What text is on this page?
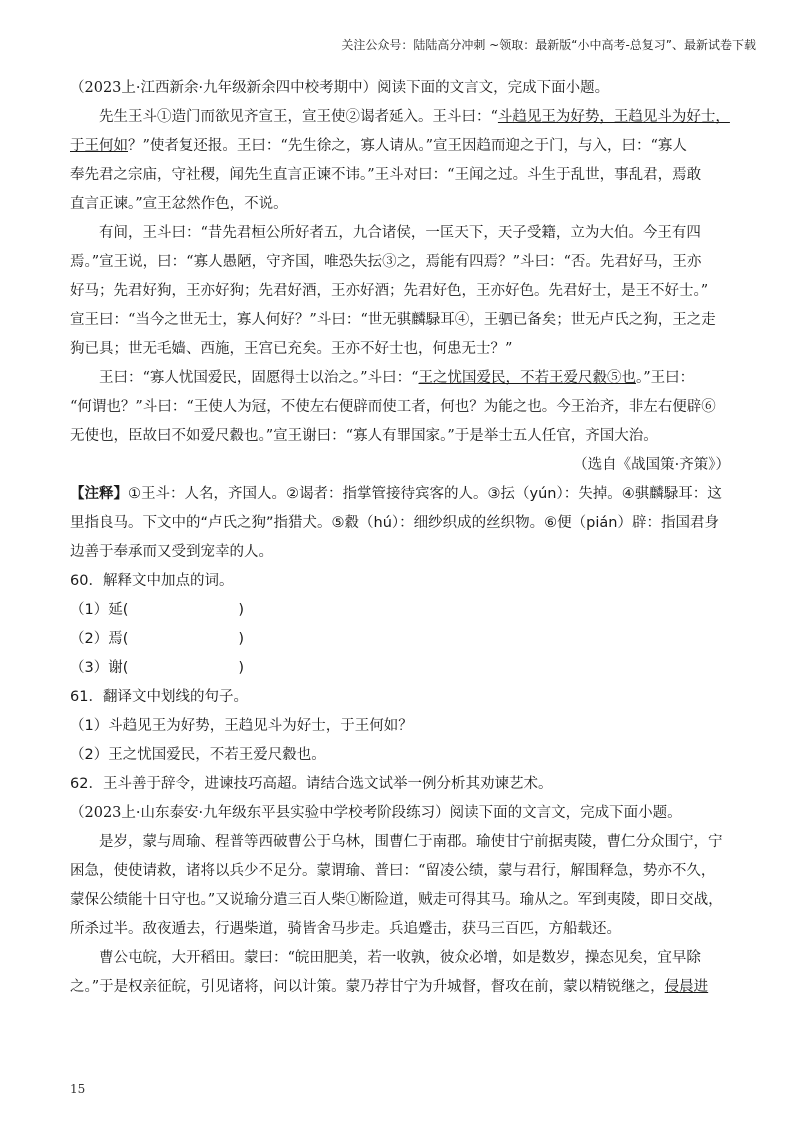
关注公众号：陆陆高分冲刺 ~领取：最新版“小中高考-总复习”、最新试卷下载
（2023上·江西新余·九年级新余四中校考期中）阅读下面的文言文，完成下面小题。
先生王斗①造门而欲见齐宣王，宣王使②谒者延入。王斗曰：“斗趋见王为好势，王趋见斗为好士，
于王何如？”使者复还报。王曰：“先生徐之，寡人请从。”宣王因趋而迎之于门，与入，曰：“寡人
奉先君之宗庙，守社稷，闻先生直言正谏不讳。”王斗对曰：“王闻之过。斗生于乱世，事乱君，焉敢
直言正谏。”宣王忿然作色，不说。
有间，王斗曰：“昔先君桓公所好者五，九合诸侯，一匡天下，天子受籍，立为大伯。今王有四
焉。”宣王说，曰：“寡人愚陋，守齐国，唯恐失抎③之，焉能有四焉？”斗曰：“否。先君好马，王亦
好马；先君好狗，王亦好狗；先君好酒，王亦好酒；先君好色，王亦好色。先君好士，是王不好士。”
宣王曰：“当今之世无士，寡人何好？”斗曰：“世无骐麟騄耳④，王驷已备矣；世无卢氏之狗，王之走
狗已具；世无毛嫱、西施，王宫已充矣。王亦不好士也，何患无士？”
王曰：“寡人忧国爱民，固愿得士以治之。”斗曰：“王之忧国爱民，不若王爱尺縠⑤也。”王曰：
“何谓也？”斗曰：“王使人为冠，不使左右便辟而使工者，何也？为能之也。今王治齐，非左右便辟⑥
无使也，臣故曰不如爱尺縠也。”宣王谢曰：“寡人有罪国家。”于是举士五人任官，齐国大治。
（选自《战国策·齐策》）
【注释】①王斗：人名，齐国人。②谒者：指掌管接待宾客的人。③抎（yún）：失掉。④骐麟騄耳：这
里指良马。下文中的“卢氏之狗”指猎犬。⑤縠（hú）：细纱织成的丝织物。⑥便（pián）辟：指国君身
边善于奉承而又受到宠幸的人。
60．解释文中加点的词。
（1）延(	)
（2）焉(	)
（3）谢(	)
61．翻译文中划线的句子。
（1）斗趋见王为好势，王趋见斗为好士，于王何如？
（2）王之忧国爱民，不若王爱尺縠也。
62．王斗善于辞令，进谏技巧高超。请结合选文试举一例分析其劝谏艺术。
（2023上·山东泰安·九年级东平县实验中学校考阶段练习）阅读下面的文言文，完成下面小题。
是岁，蒙与周瑜、程普等西破曹公于乌林，围曹仁于南郡。瑜使甘宁前据夷陵，曹仁分众围宁，宁
困急，使使请救，诸将以兵少不足分。蒙谓瑜、普曰：“留凌公绩，蒙与君行，解围释急，势亦不久，
蒙保公绩能十日守也。”又说瑜分遣三百人柴①断险道，贼走可得其马。瑜从之。军到夷陵，即日交战，
所杀过半。敌夜遁去，行遇柴道，骑皆舍马步走。兵追蹙击，获马三百匹，方船载还。
曹公屯皖，大开稻田。蒙曰：“皖田肥美，若一收孰，彼众必增，如是数岁，操态见矣，宜早除
之。”于是权亲征皖，引见诸将，问以计策。蒙乃荐甘宁为升城督，督攻在前，蒙以精锐继之，侵晨进
15
